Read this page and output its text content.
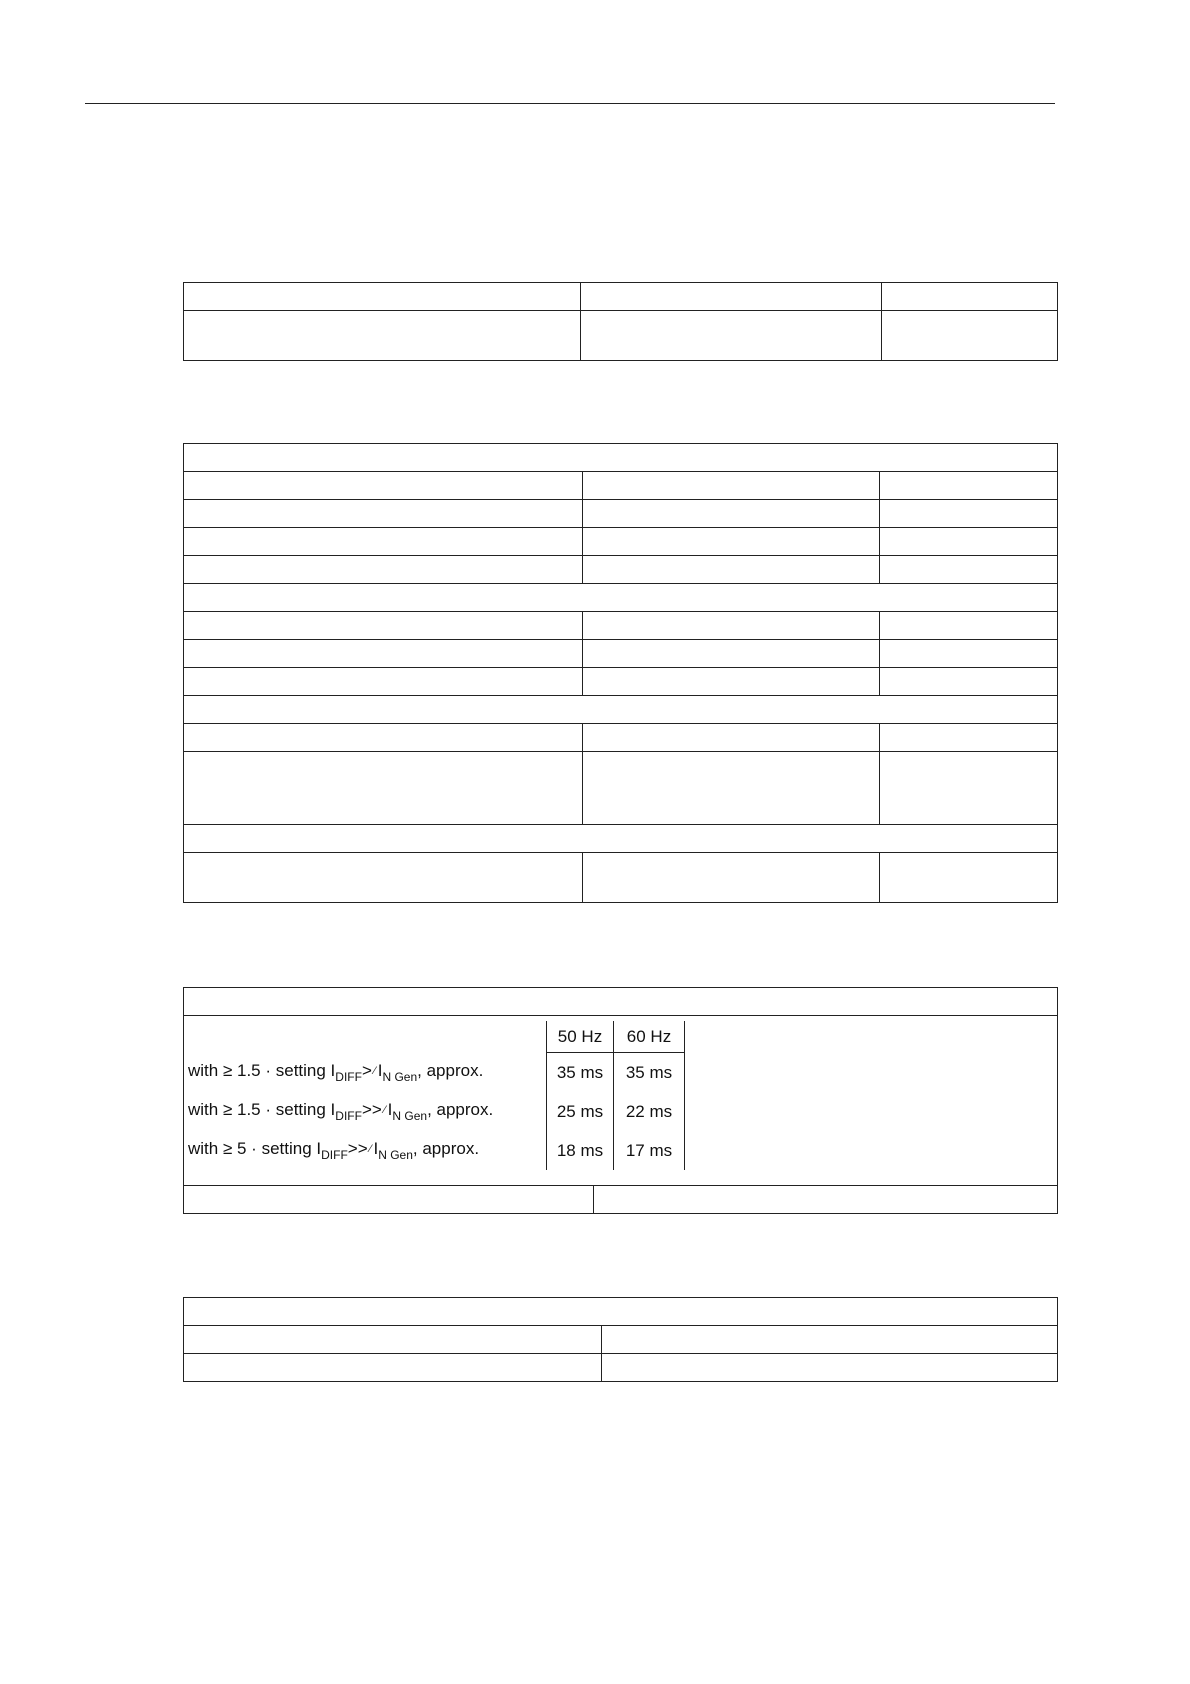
	50 Hz	60 Hz
with ≥ 1.5 · setting $I_{DIFF}>$ ⁄ $I_{N Gen}$, approx.	35 ms	35 ms
with ≥ 1.5 · setting $I_{DIFF}>>$ ⁄ $I_{N Gen}$, approx.	25 ms	22 ms
with ≥ 5 · setting $I_{DIFF}>>$ ⁄ $I_{N Gen}$, approx.	18 ms	17 ms
